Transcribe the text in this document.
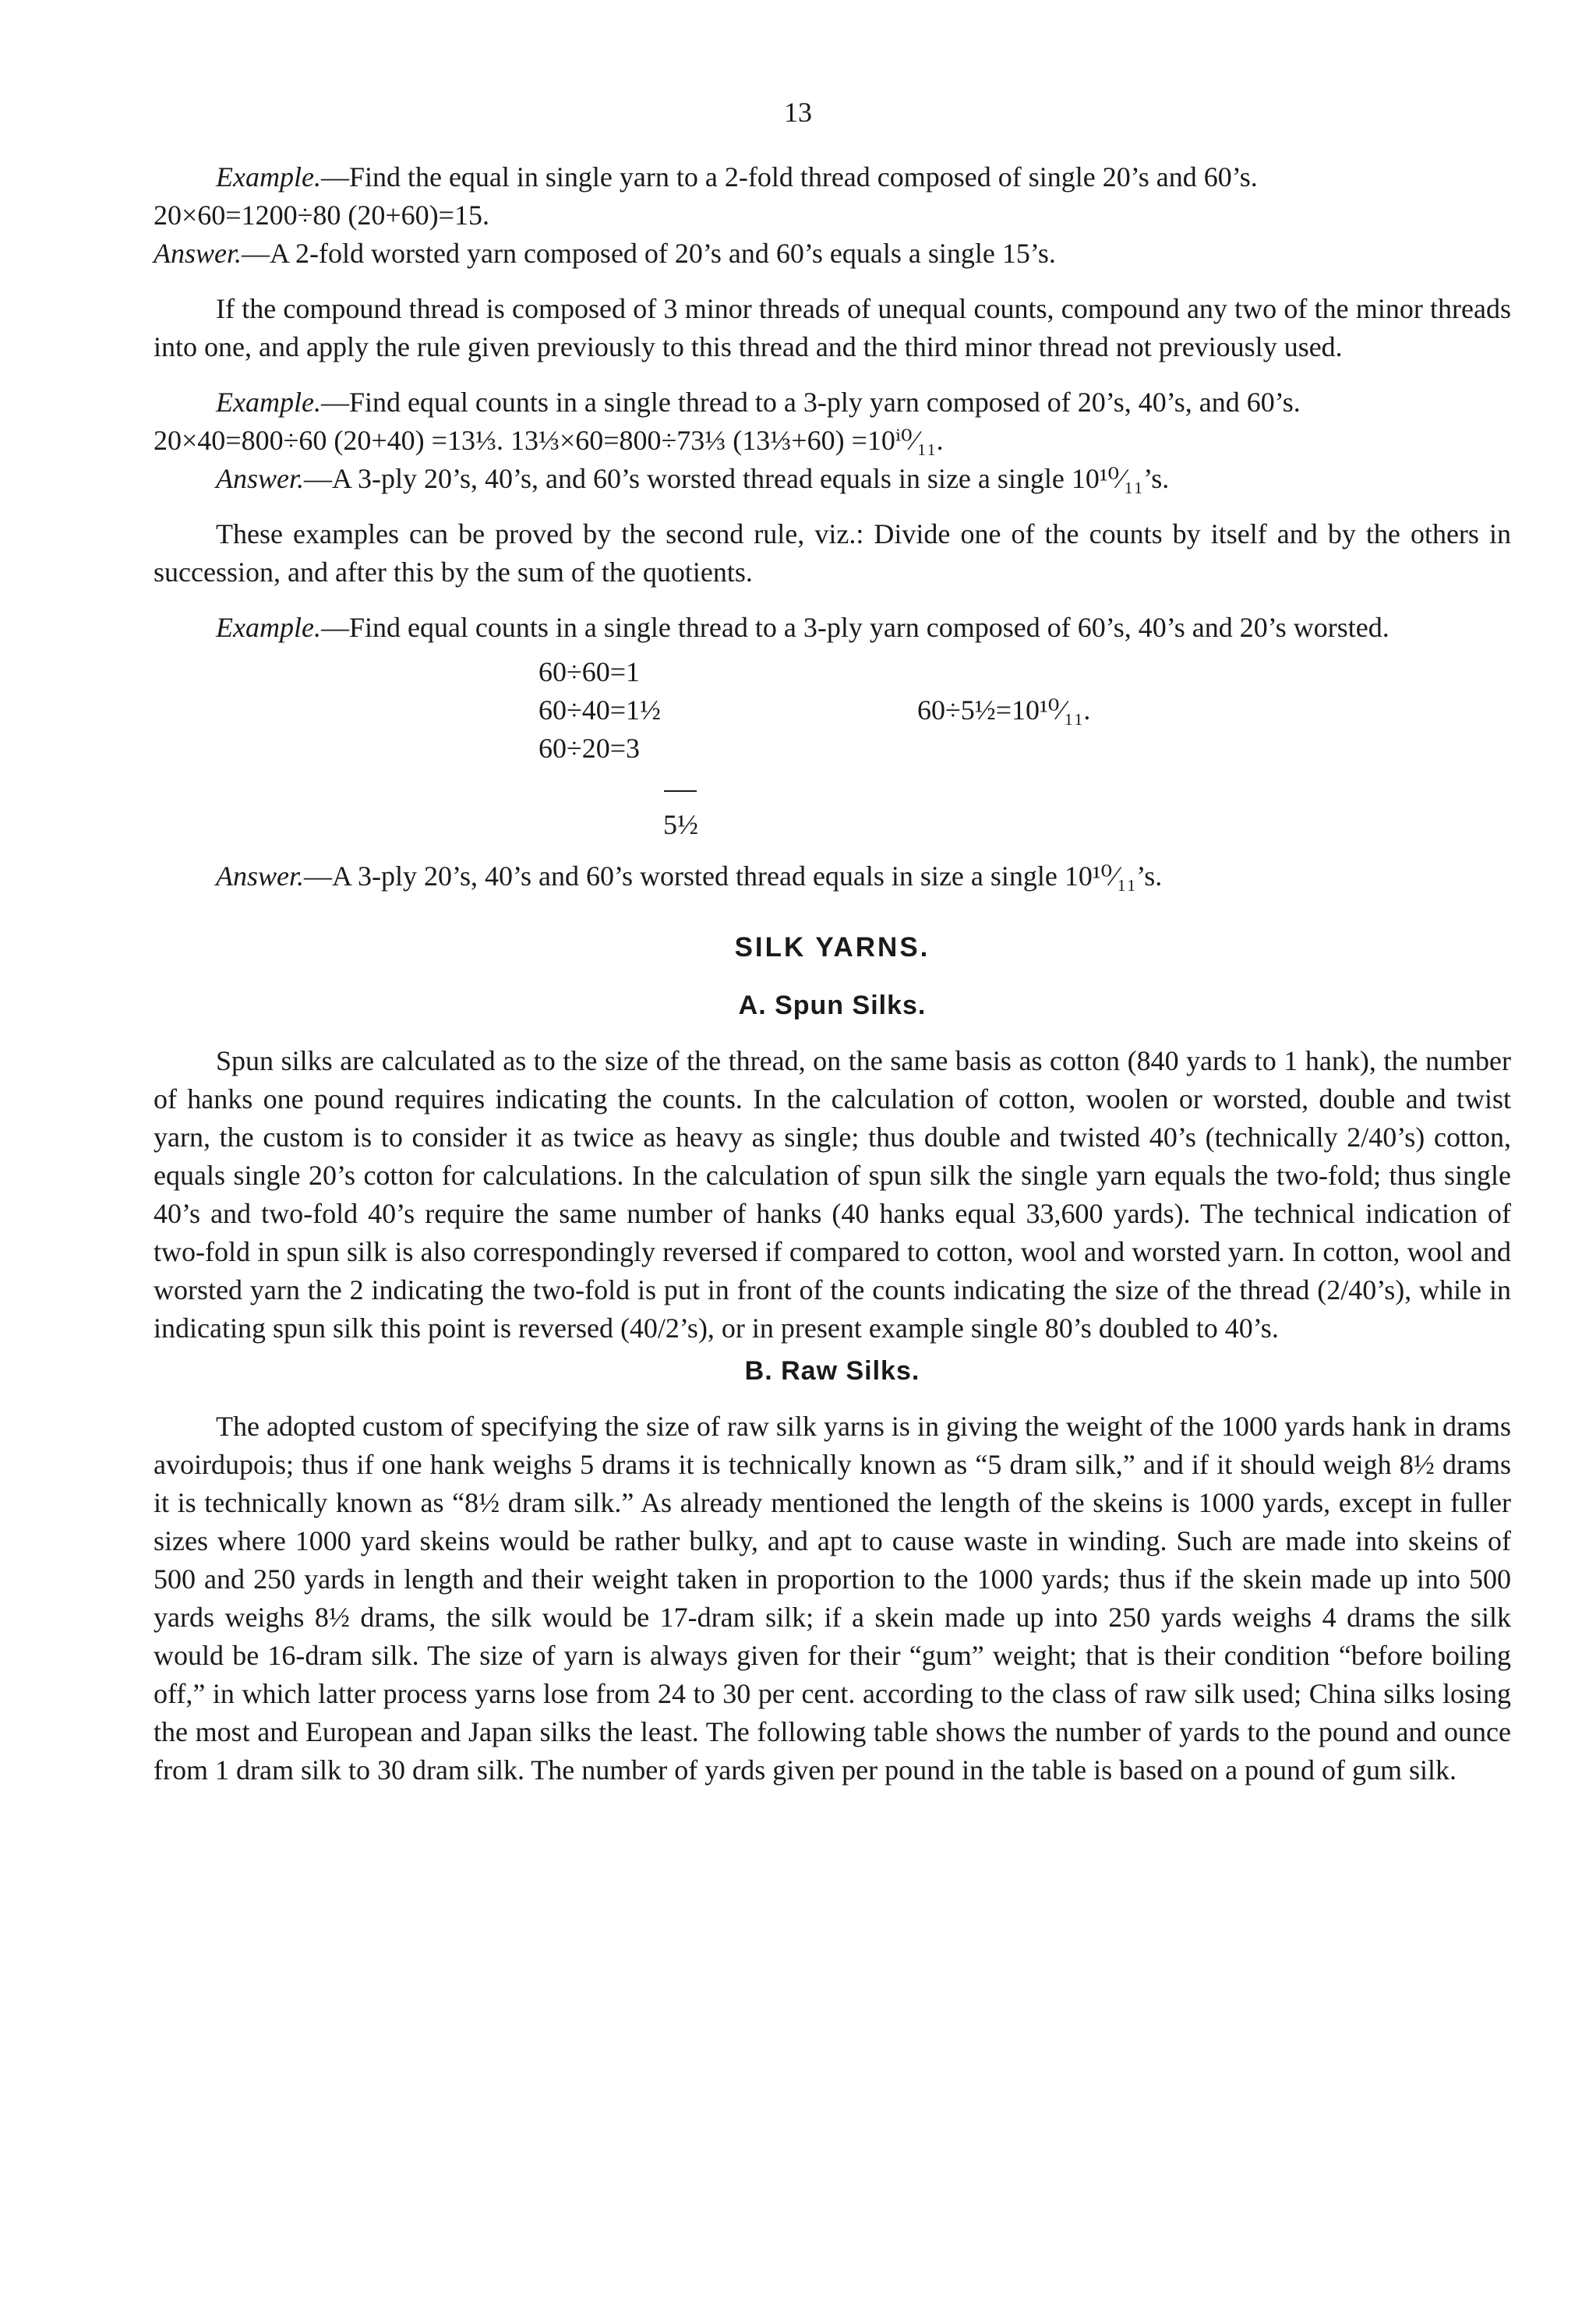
13

Example.—Find the equal in single yarn to a 2-fold thread composed of single 20’s and 60’s.

20×60=1200÷80 (20+60)=15.

Answer.—A 2-fold worsted yarn composed of 20’s and 60’s equals a single 15’s.

If the compound thread is composed of 3 minor threads of unequal counts, compound any two of the minor threads into one, and apply the rule given previously to this thread and the third minor thread not previously used.

Example.—Find equal counts in a single thread to a 3-ply yarn composed of 20’s, 40’s, and 60’s.

20×40=800÷60 (20+40) =13⅓. 13⅓×60=800÷73⅓ (13⅓+60) =10ⁱ⁰⁄₁₁.

Answer.—A 3-ply 20’s, 40’s, and 60’s worsted thread equals in size a single 10¹⁰⁄₁₁’s.

These examples can be proved by the second rule, viz.: Divide one of the counts by itself and by the others in succession, and after this by the sum of the quotients.

Example.—Find equal counts in a single thread to a 3-ply yarn composed of 60’s, 40’s and 20’s worsted.

60÷60=1
60÷40=1½
60÷20=3
60÷5½=10¹⁰⁄₁₁.
5½

Answer.—A 3-ply 20’s, 40’s and 60’s worsted thread equals in size a single 10¹⁰⁄₁₁’s.

SILK YARNS.
A. Spun Silks.

Spun silks are calculated as to the size of the thread, on the same basis as cotton (840 yards to 1 hank), the number of hanks one pound requires indicating the counts. In the calculation of cotton, woolen or worsted, double and twist yarn, the custom is to consider it as twice as heavy as single; thus double and twisted 40’s (technically 2/40’s) cotton, equals single 20’s cotton for calculations. In the calculation of spun silk the single yarn equals the two-fold; thus single 40’s and two-fold 40’s require the same number of hanks (40 hanks equal 33,600 yards). The technical indication of two-fold in spun silk is also correspondingly reversed if compared to cotton, wool and worsted yarn. In cotton, wool and worsted yarn the 2 indicating the two-fold is put in front of the counts indicating the size of the thread (2/40’s), while in indicating spun silk this point is reversed (40/2’s), or in present example single 80’s doubled to 40’s.

B. Raw Silks.

The adopted custom of specifying the size of raw silk yarns is in giving the weight of the 1000 yards hank in drams avoirdupois; thus if one hank weighs 5 drams it is technically known as “5 dram silk,” and if it should weigh 8½ drams it is technically known as “8½ dram silk.” As already mentioned the length of the skeins is 1000 yards, except in fuller sizes where 1000 yard skeins would be rather bulky, and apt to cause waste in winding. Such are made into skeins of 500 and 250 yards in length and their weight taken in proportion to the 1000 yards; thus if the skein made up into 500 yards weighs 8½ drams, the silk would be 17-dram silk; if a skein made up into 250 yards weighs 4 drams the silk would be 16-dram silk. The size of yarn is always given for their “gum” weight; that is their condition “before boiling off,” in which latter process yarns lose from 24 to 30 per cent. according to the class of raw silk used; China silks losing the most and European and Japan silks the least. The following table shows the number of yards to the pound and ounce from 1 dram silk to 30 dram silk. The number of yards given per pound in the table is based on a pound of gum silk.
